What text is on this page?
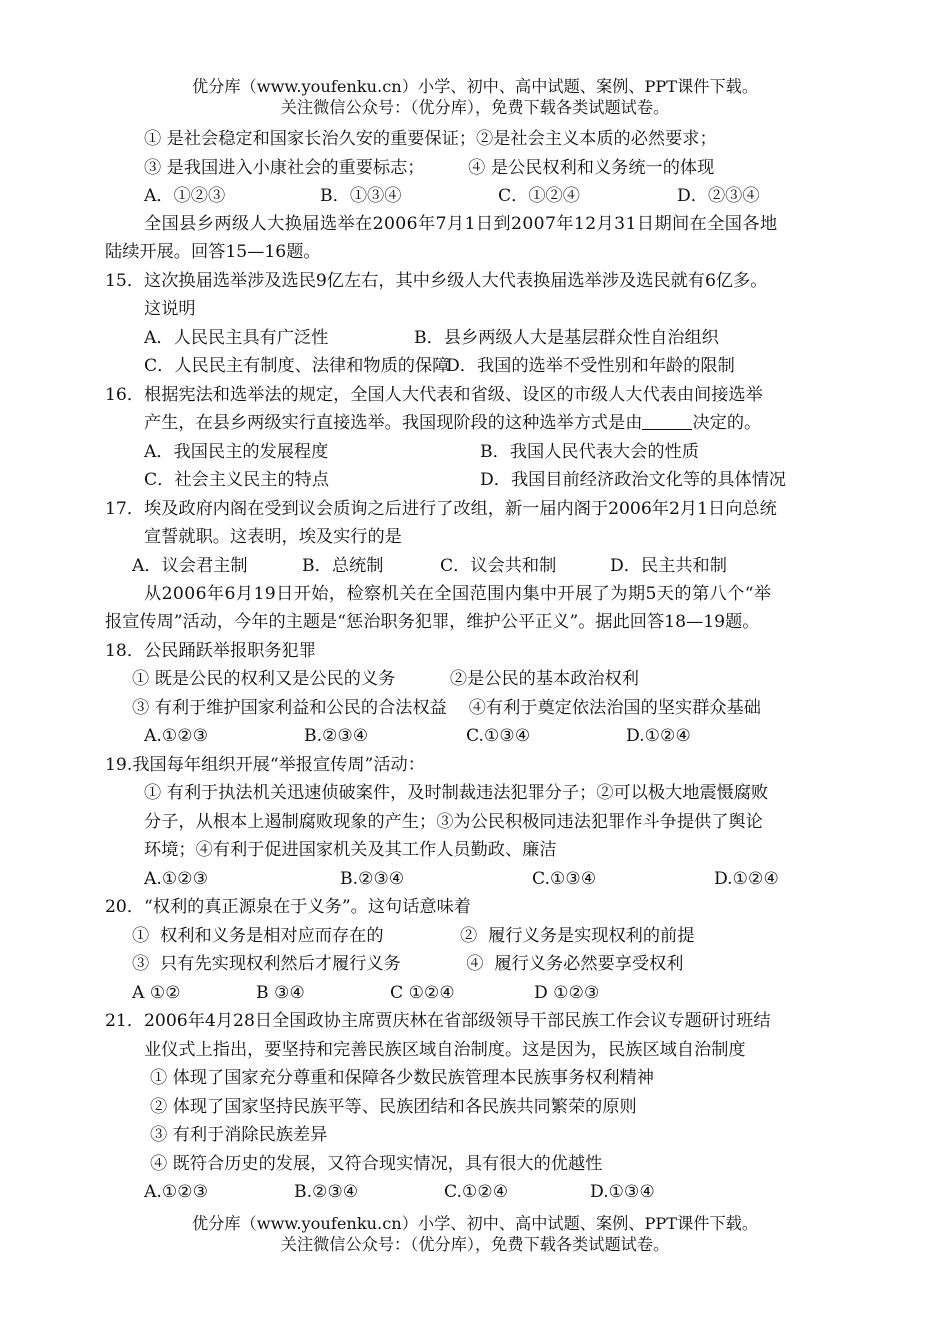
优分库（www.youfenku.cn）小学、初中、高中试题、案例、PPT课件下载。
关注微信公众号：（优分库），免费下载各类试题试卷。
① 是社会稳定和国家长治久安的重要保证；②是社会主义本质的必然要求；
③ 是我国进入小康社会的重要标志；        ④ 是公民权利和义务统一的体现
A．①②③	B．①③④	C．①②④	D．②③④
全国县乡两级人大换届选举在2006年7月1日到2007年12月31日期间在全国各地
陆续开展。回答15—16题。
15． 这次换届选举涉及选民9亿左右，其中乡级人大代表换届选举涉及选民就有6亿多。
这说明
A．人民民主具有广泛性	B．县乡两级人大是基层群众性自治组织
C．人民民主有制度、法律和物质的保障
D．我国的选举不受性别和年龄的限制
16． 根据宪法和选举法的规定，全国人大代表和省级、设区的市级人大代表由间接选举
产生，在县乡两级实行直接选举。我国现阶段的这种选举方式是由	决定的。
A．我国民主的发展程度	B．我国人民代表大会的性质
C．社会主义民主的特点	D．我国目前经济政治文化等的具体情况
17． 埃及政府内阁在受到议会质询之后进行了改组，新一届内阁于2006年2月1日向总统
宣誓就职。这表明，埃及实行的是
A．议会君主制	B．总统制	C．议会共和制	D．民主共和制
从2006年6月19日开始，检察机关在全国范围内集中开展了为期5天的第八个“举
报宣传周”活动，今年的主题是“惩治职务犯罪，维护公平正义”。据此回答18—19题。
18． 公民踊跃举报职务犯罪
① 既是公民的权利又是公民的义务          ②是公民的基本政治权利
③ 有利于维护国家利益和公民的合法权益    ④有利于奠定依法治国的坚实群众基础
A.①②③	B.②③④	C.①③④	D.①②④
19.我国每年组织开展“举报宣传周”活动：
① 有利于执法机关迅速侦破案件，及时制裁违法犯罪分子；②可以极大地震慑腐败
分子，从根本上遏制腐败现象的产生；③为公民积极同违法犯罪作斗争提供了舆论
环境；④有利于促进国家机关及其工作人员勤政、廉洁
A.①②③	B.②③④	C.①③④	D.①②④
20． “权利的真正源泉在于义务”。这句话意味着
①  权利和义务是相对应而存在的              ②  履行义务是实现权利的前提
③  只有先实现权利然后才履行义务            ④  履行义务必然要享受权利
A ①②	B ③④	C ①②④	D ①②③
21． 2006年4月28日全国政协主席贾庆林在省部级领导干部民族工作会议专题研讨班结
业仪式上指出，要坚持和完善民族区域自治制度。这是因为，民族区域自治制度
① 体现了国家充分尊重和保障各少数民族管理本民族事务权利精神
② 体现了国家坚持民族平等、民族团结和各民族共同繁荣的原则
③ 有利于消除民族差异
④ 既符合历史的发展，又符合现实情况，具有很大的优越性
A.①②③	B.②③④	C.①②④	D.①③④
优分库（www.youfenku.cn）小学、初中、高中试题、案例、PPT课件下载。
关注微信公众号：（优分库），免费下载各类试题试卷。
